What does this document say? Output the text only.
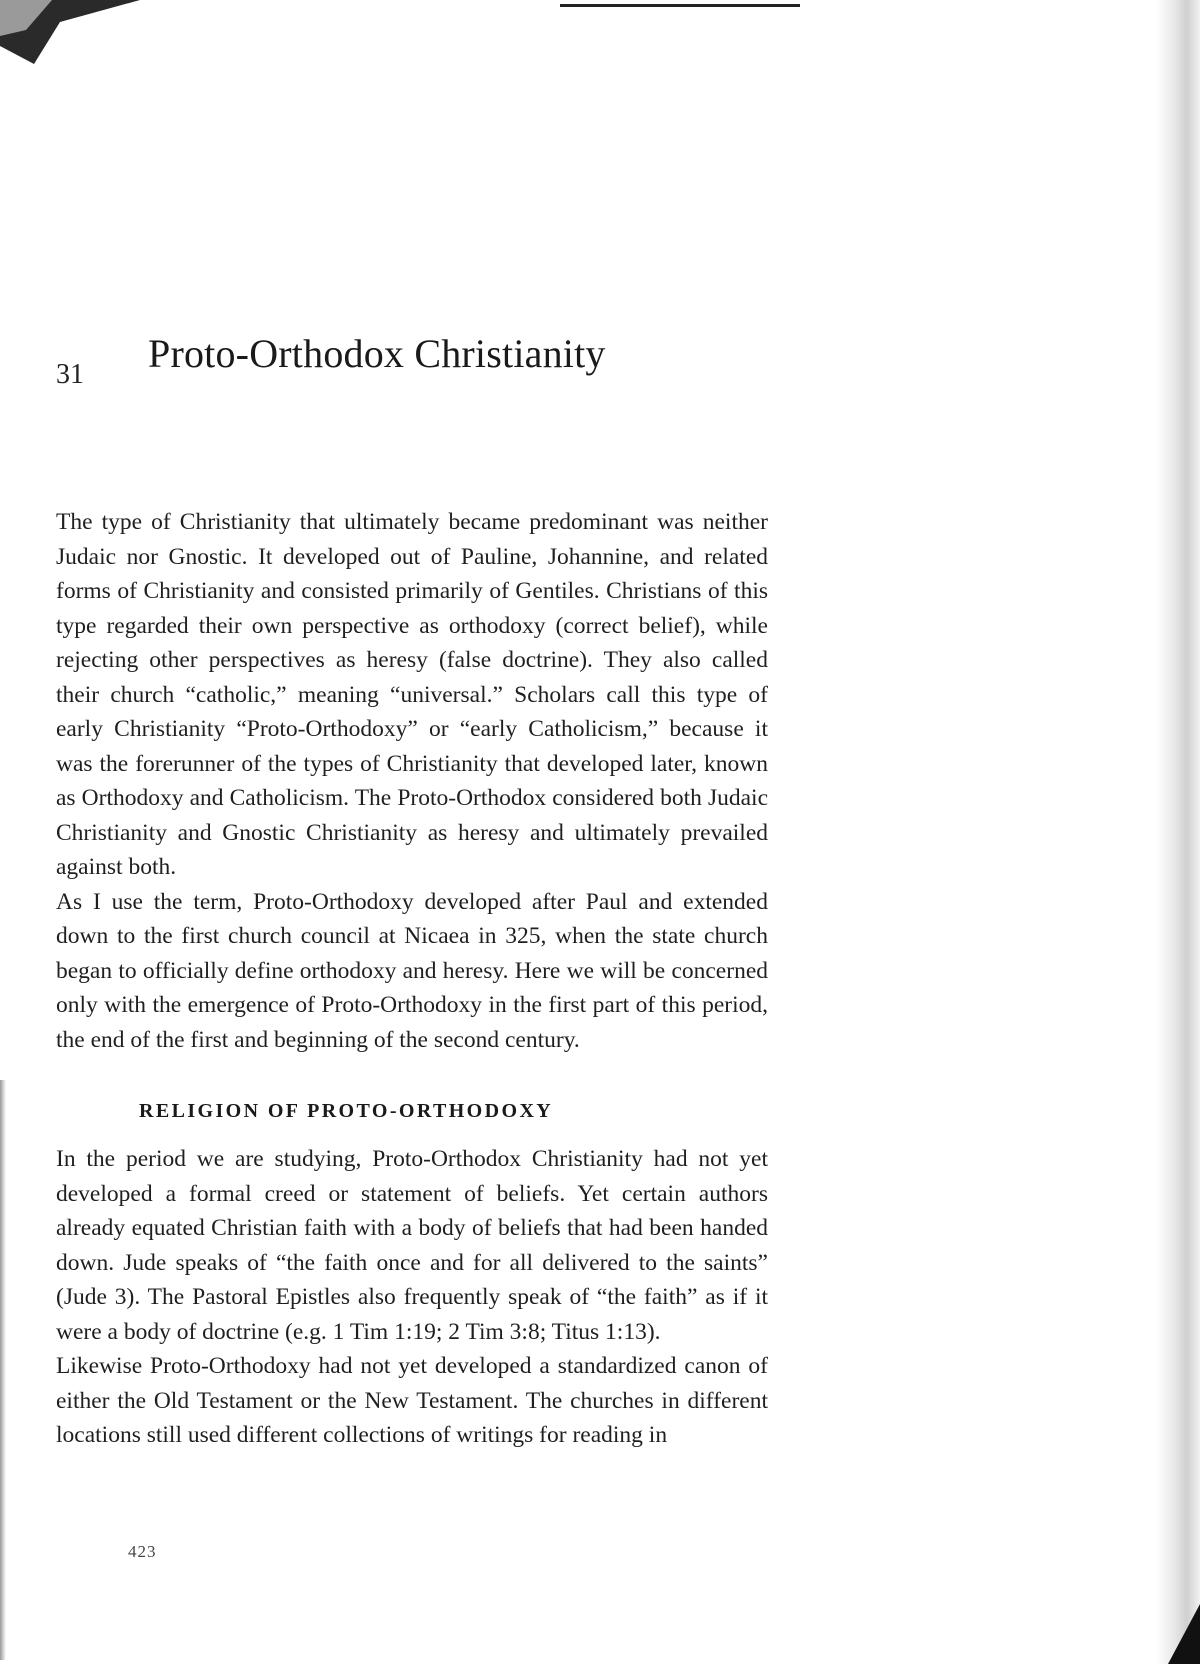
31 Proto-Orthodox Christianity

The type of Christianity that ultimately became predominant was neither Judaic nor Gnostic. It developed out of Pauline, Johannine, and related forms of Christianity and consisted primarily of Gentiles. Christians of this type regarded their own perspective as orthodoxy (correct belief), while rejecting other perspectives as heresy (false doctrine). They also called their church “catholic,” meaning “universal.” Scholars call this type of early Christianity “Proto-Orthodoxy” or “early Catholicism,” because it was the forerunner of the types of Christianity that developed later, known as Orthodoxy and Catholicism. The Proto-Orthodox considered both Judaic Christianity and Gnostic Christianity as heresy and ultimately prevailed against both.

As I use the term, Proto-Orthodoxy developed after Paul and extended down to the first church council at Nicaea in 325, when the state church began to officially define orthodoxy and heresy. Here we will be concerned only with the emergence of Proto-Orthodoxy in the first part of this period, the end of the first and beginning of the second century.

RELIGION OF PROTO-ORTHODOXY

In the period we are studying, Proto-Orthodox Christianity had not yet developed a formal creed or statement of beliefs. Yet certain authors already equated Christian faith with a body of beliefs that had been handed down. Jude speaks of “the faith once and for all delivered to the saints” (Jude 3). The Pastoral Epistles also frequently speak of “the faith” as if it were a body of doctrine (e.g. 1 Tim 1:19; 2 Tim 3:8; Titus 1:13).

Likewise Proto-Orthodoxy had not yet developed a standardized canon of either the Old Testament or the New Testament. The churches in different locations still used different collections of writings for reading in

423
